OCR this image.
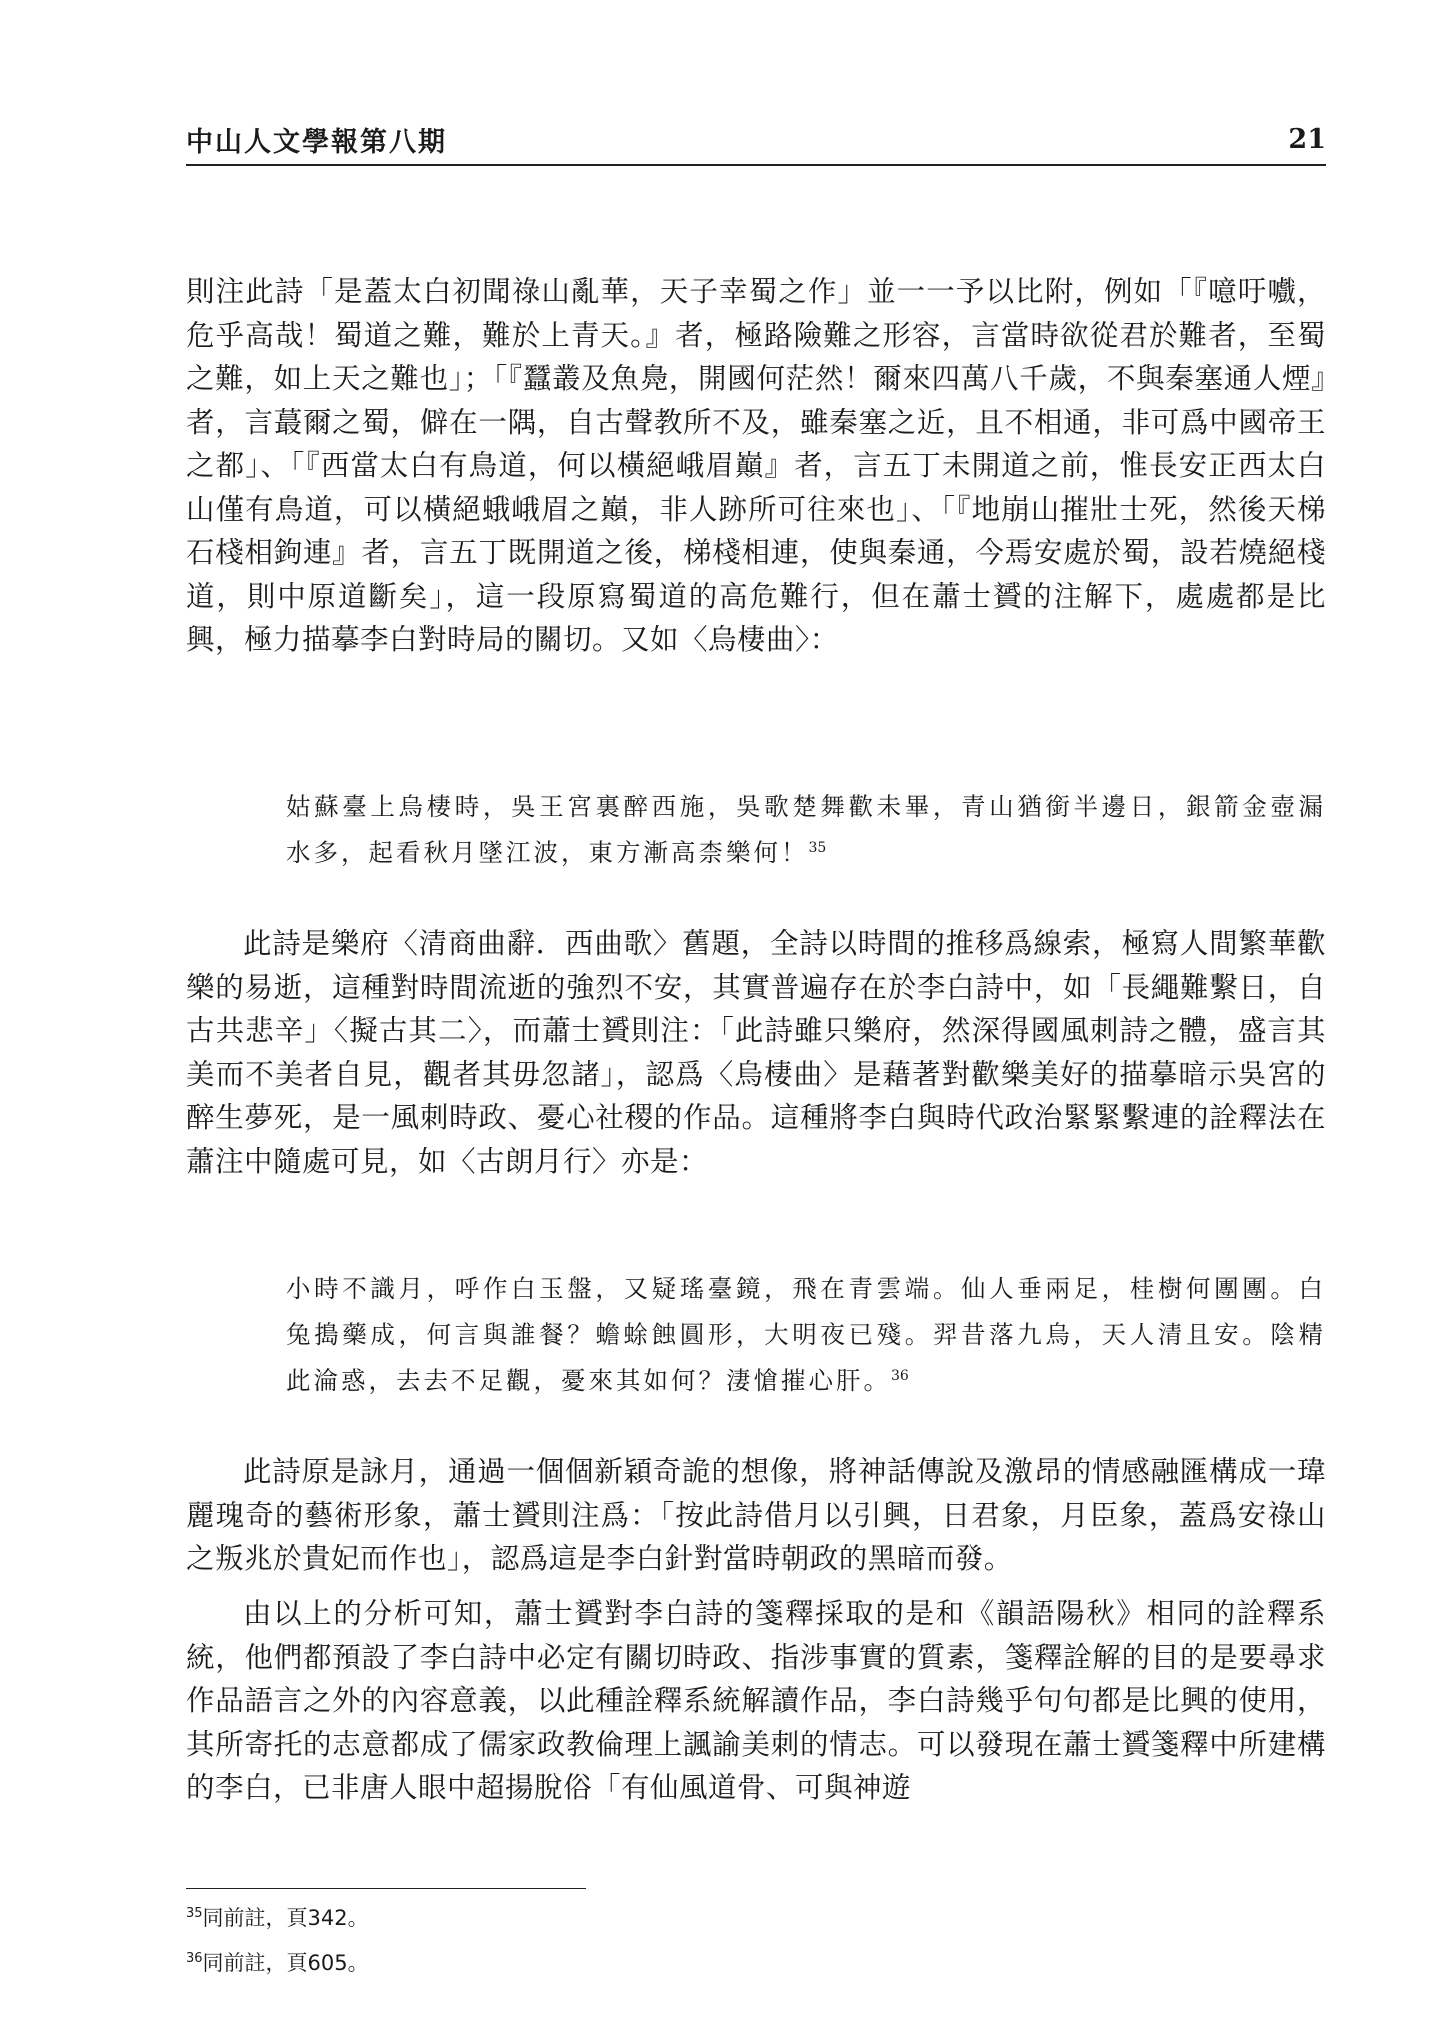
中山人文學報第八期	21

則注此詩「是蓋太白初聞祿山亂華，天子幸蜀之作」並一一予以比附，例如「『噫吁嚱，危乎高哉！蜀道之難，難於上青天。』者，極路險難之形容，言當時欲從君於難者，至蜀之難，如上天之難也」；「『蠶叢及魚鳧，開國何茫然！爾來四萬八千歲，不與秦塞通人煙』者，言蕞爾之蜀，僻在一隅，自古聲教所不及，雖秦塞之近，且不相通，非可爲中國帝王之都」、「『西當太白有鳥道，何以橫絕峨眉巔』者，言五丁未開道之前，惟長安正西太白山僅有鳥道，可以橫絕蛾峨眉之巔，非人跡所可往來也」、「『地崩山摧壯士死，然後天梯石棧相鉤連』者，言五丁既開道之後，梯棧相連，使與秦通，今焉安處於蜀，設若燒絕棧道，則中原道斷矣」，這一段原寫蜀道的高危難行，但在蕭士贇的注解下，處處都是比興，極力描摹李白對時局的關切。又如〈烏棲曲〉：

姑蘇臺上烏棲時，吳王宮裏醉西施，吳歌楚舞歡未畢，青山猶銜半邊日，銀箭金壺漏水多，起看秋月墜江波，東方漸高柰樂何！$^{35}$

此詩是樂府〈清商曲辭．西曲歌〉舊題，全詩以時間的推移爲線索，極寫人間繁華歡樂的易逝，這種對時間流逝的強烈不安，其實普遍存在於李白詩中，如「長繩難繫日，自古共悲辛」〈擬古其二〉，而蕭士贇則注：「此詩雖只樂府，然深得國風刺詩之體，盛言其美而不美者自見，觀者其毋忽諸」，認爲〈烏棲曲〉是藉著對歡樂美好的描摹暗示吳宮的醉生夢死，是一風刺時政、憂心社稷的作品。這種將李白與時代政治緊緊繫連的詮釋法在蕭注中隨處可見，如〈古朗月行〉亦是：

小時不識月，呼作白玉盤，又疑瑤臺鏡，飛在青雲端。仙人垂兩足，桂樹何團團。白兔搗藥成，何言與誰餐？蟾蜍蝕圓形，大明夜已殘。羿昔落九烏，天人清且安。陰精此淪惑，去去不足觀，憂來其如何？淒愴摧心肝。$^{36}$

此詩原是詠月，通過一個個新穎奇詭的想像，將神話傳說及激昂的情感融匯構成一瑋麗瑰奇的藝術形象，蕭士贇則注爲：「按此詩借月以引興，日君象，月臣象，蓋爲安祿山之叛兆於貴妃而作也」，認爲這是李白針對當時朝政的黑暗而發。

由以上的分析可知，蕭士贇對李白詩的箋釋採取的是和《韻語陽秋》相同的詮釋系統，他們都預設了李白詩中必定有關切時政、指涉事實的質素，箋釋詮解的目的是要尋求作品語言之外的內容意義，以此種詮釋系統解讀作品，李白詩幾乎句句都是比興的使用，其所寄托的志意都成了儒家政教倫理上諷諭美刺的情志。可以發現在蕭士贇箋釋中所建構的李白，已非唐人眼中超揚脫俗「有仙風道骨、可與神遊

$^{35}$同前註，頁342。
$^{36}$同前註，頁605。
